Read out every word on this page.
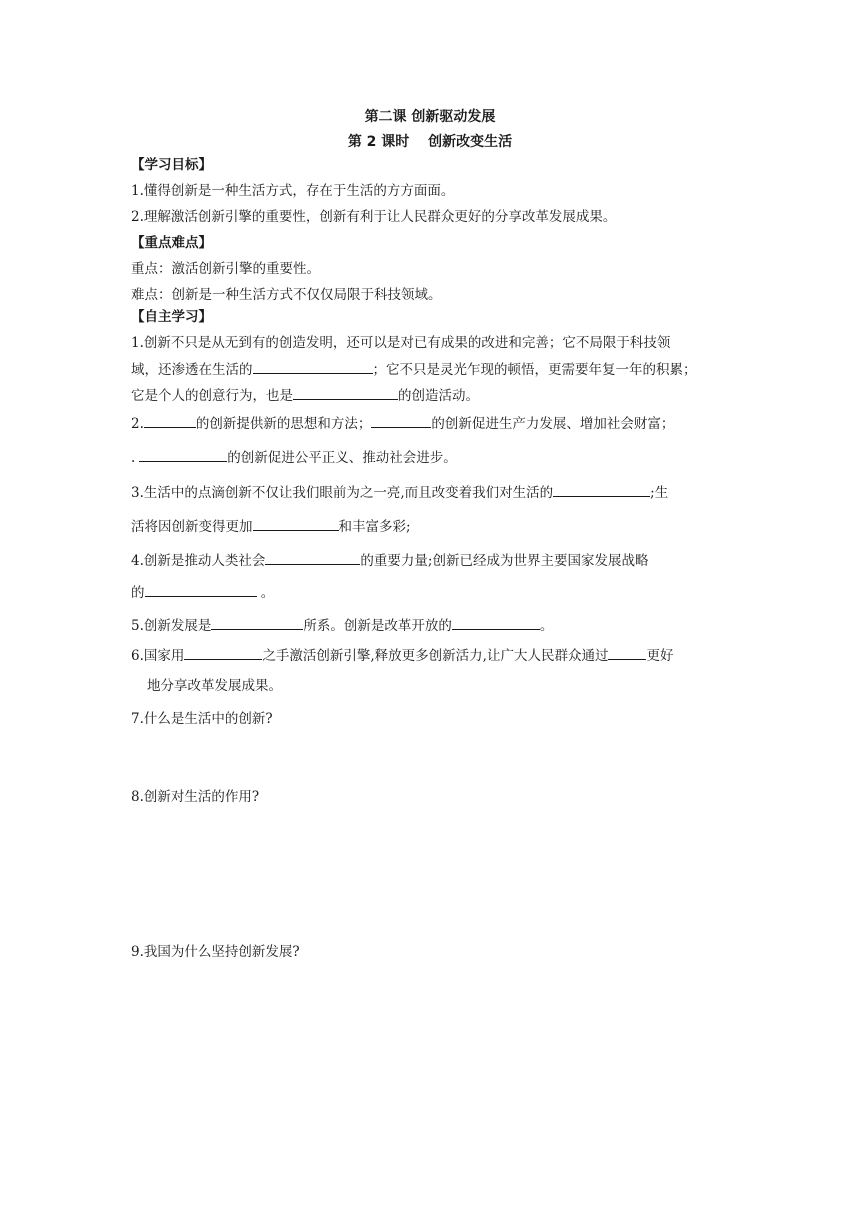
第二课 创新驱动发展
第 2 课时　 创新改变生活
【学习目标】
1.懂得创新是一种生活方式，存在于生活的方方面面。
2.理解激活创新引擎的重要性，创新有利于让人民群众更好的分享改革发展成果。
【重点难点】
重点：激活创新引擎的重要性。
难点：创新是一种生活方式不仅仅局限于科技领域。
【自主学习】
1.创新不只是从无到有的创造发明，还可以是对已有成果的改进和完善；它不局限于科技领
域，还渗透在生活的	；它不只是灵光乍现的顿悟，更需要年复一年的积累；
它是个人的创意行为，也是	的创造活动。
2.	的创新提供新的思想和方法；	的创新促进生产力发展、增加社会财富；
.	的创新促进公平正义、推动社会进步。
3.生活中的点滴创新不仅让我们眼前为之一亮,而且改变着我们对生活的	;生
活将因创新变得更加	和丰富多彩;
4.创新是推动人类社会	的重要力量;创新已经成为世界主要国家发展战略
的	。
5.创新发展是	所系。创新是改革开放的	。
6.国家用	之手激活创新引擎,释放更多创新活力,让广大人民群众通过	更好
地分享改革发展成果。
7.什么是生活中的创新?
8.创新对生活的作用?
9.我国为什么坚持创新发展?
